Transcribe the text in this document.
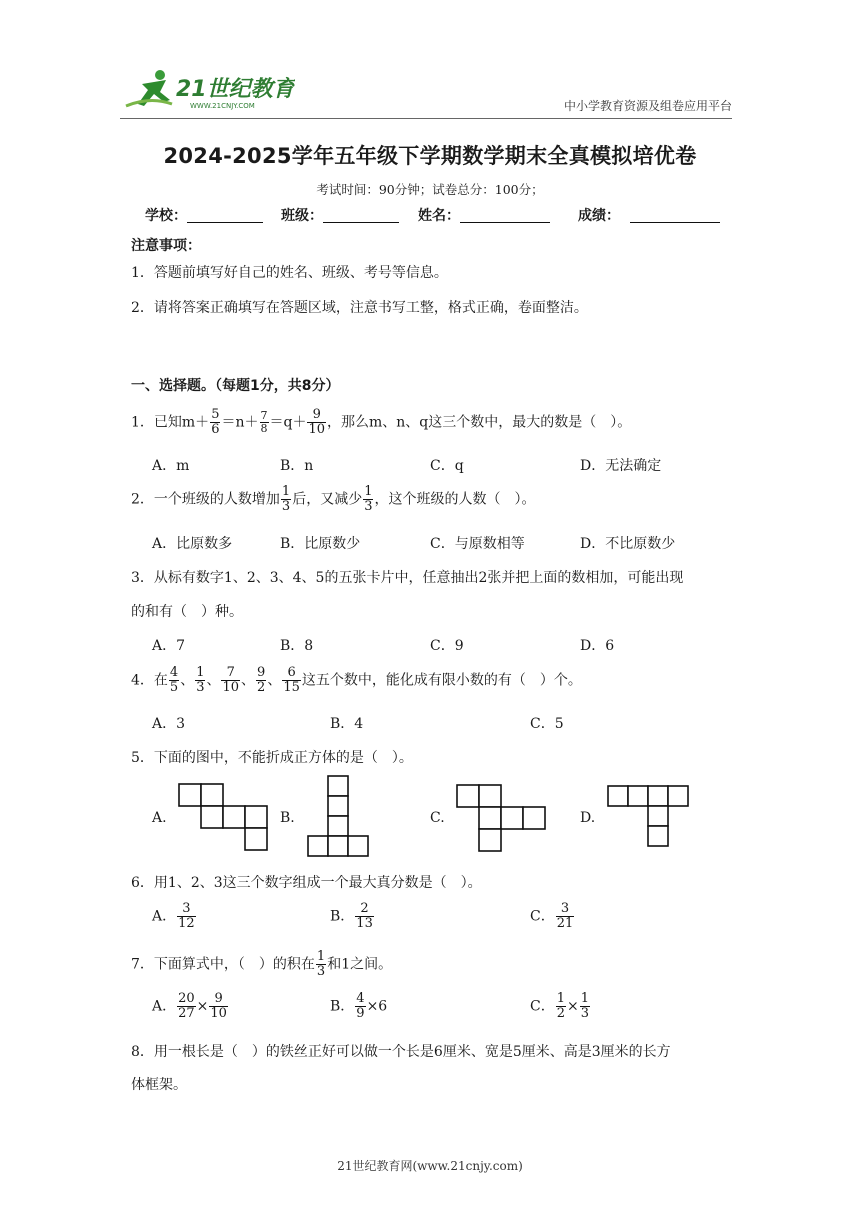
21世纪教育
WWW.21CNJY.COM	中小学教育资源及组卷应用平台
2024-2025学年五年级下学期数学期末全真模拟培优卷
考试时间：90分钟；试卷总分：100分；
学校：	班级：	姓名：	成绩：
注意事项：
1．答题前填写好自己的姓名、班级、考号等信息。
2．请将答案正确填写在答题区域，注意书写工整，格式正确，卷面整洁。
一、选择题。（每题1分，共8分）
1．已知$m+ \frac{5}{6} =n+ \frac{7}{8} =q+ \frac{9}{10}$ ，那么m、n、q这三个数中，最大的数是（　）。
A．m	B．n	C．q	D．无法确定
2．一个班级的人数增加 $\frac{1}{3}$ 后，又减少 $\frac{1}{3}$ ，这个班级的人数（　）。
A．比原数多	B．比原数少	C．与原数相等	D．不比原数少
3．从标有数字1、2、3、4、5的五张卡片中，任意抽出2张并把上面的数相加，可能出现
的和有（　）种。
A．7	B．8	C．9	D．6
4．在 $\frac{4}{5}$ 、 $\frac{1}{3}$ 、 $\frac{7}{10}$ 、 $\frac{9}{2}$ 、 $\frac{6}{15}$ 这五个数中，能化成有限小数的有（　）个。
A．3	B．4	C．5
5．下面的图中，不能折成正方体的是（　）。
A.	B.	C.	D.
6．用1、2、3这三个数字组成一个最大真分数是（　）。
A． $\frac{3}{12}$	B． $\frac{2}{13}$	C． $\frac{3}{21}$
7．下面算式中，（　）的积在 $\frac{1}{3}$ 和1之间。
A． $\frac{20}{27} \times \frac{9}{10}$	B． $\frac{4}{9} \times 6$	C． $\frac{1}{2} \times \frac{1}{3}$
8．用一根长是（　）的铁丝正好可以做一个长是6厘米、宽是5厘米、高是3厘米的长方
体框架。
21世纪教育网(www.21cnjy.com)
